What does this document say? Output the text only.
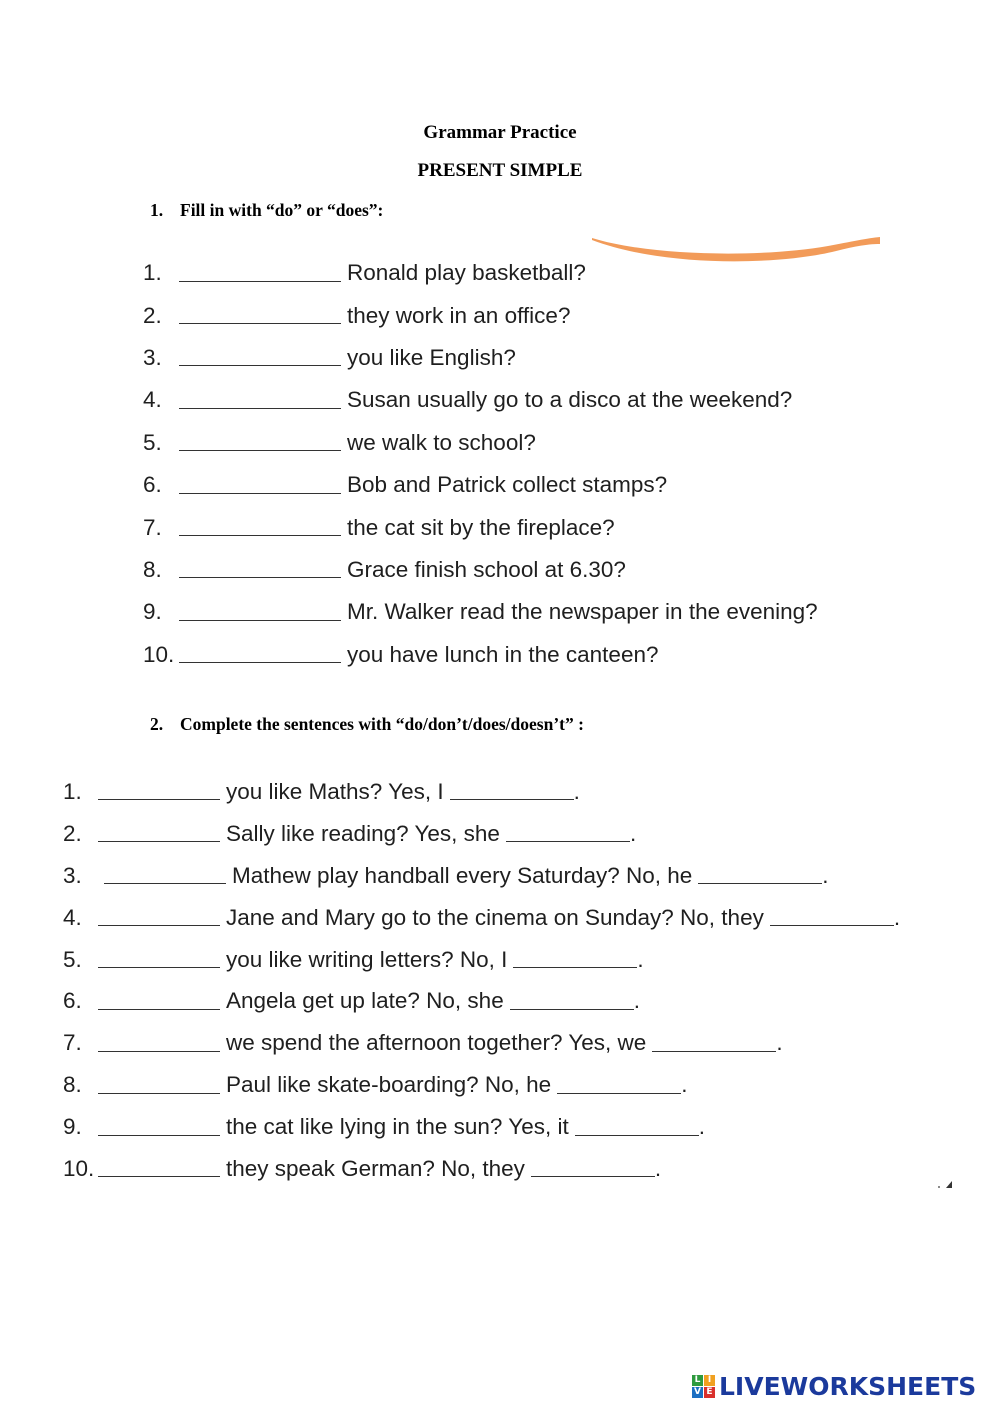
Grammar Practice
PRESENT SIMPLE
1. Fill in with “do” or “does”:
1.	Ronald play basketball?
2.	they work in an office?
3.	you like English?
4.	Susan usually go to a disco at the weekend?
5.	we walk to school?
6.	Bob and Patrick collect stamps?
7.	the cat sit by the fireplace?
8.	Grace finish school at 6.30?
9.	Mr. Walker read the newspaper in the evening?
10.	you have lunch in the canteen?
2. Complete the sentences with “do/don’t/does/doesn’t” :
1.	you like Maths? Yes, I	.
2.	Sally like reading? Yes, she	.
3.	Mathew play handball every Saturday? No, he	.
4.	Jane and Mary go to the cinema on Sunday? No, they	.
5.	you like writing letters? No, I	.
6.	Angela get up late? No, she	.
7.	we spend the afternoon together? Yes, we	.
8.	Paul like skate-boarding? No, he	.
9.	the cat like lying in the sun? Yes, it	.
10.	they speak German? No, they	.
L I
V E LIVEWORKSHEETS
